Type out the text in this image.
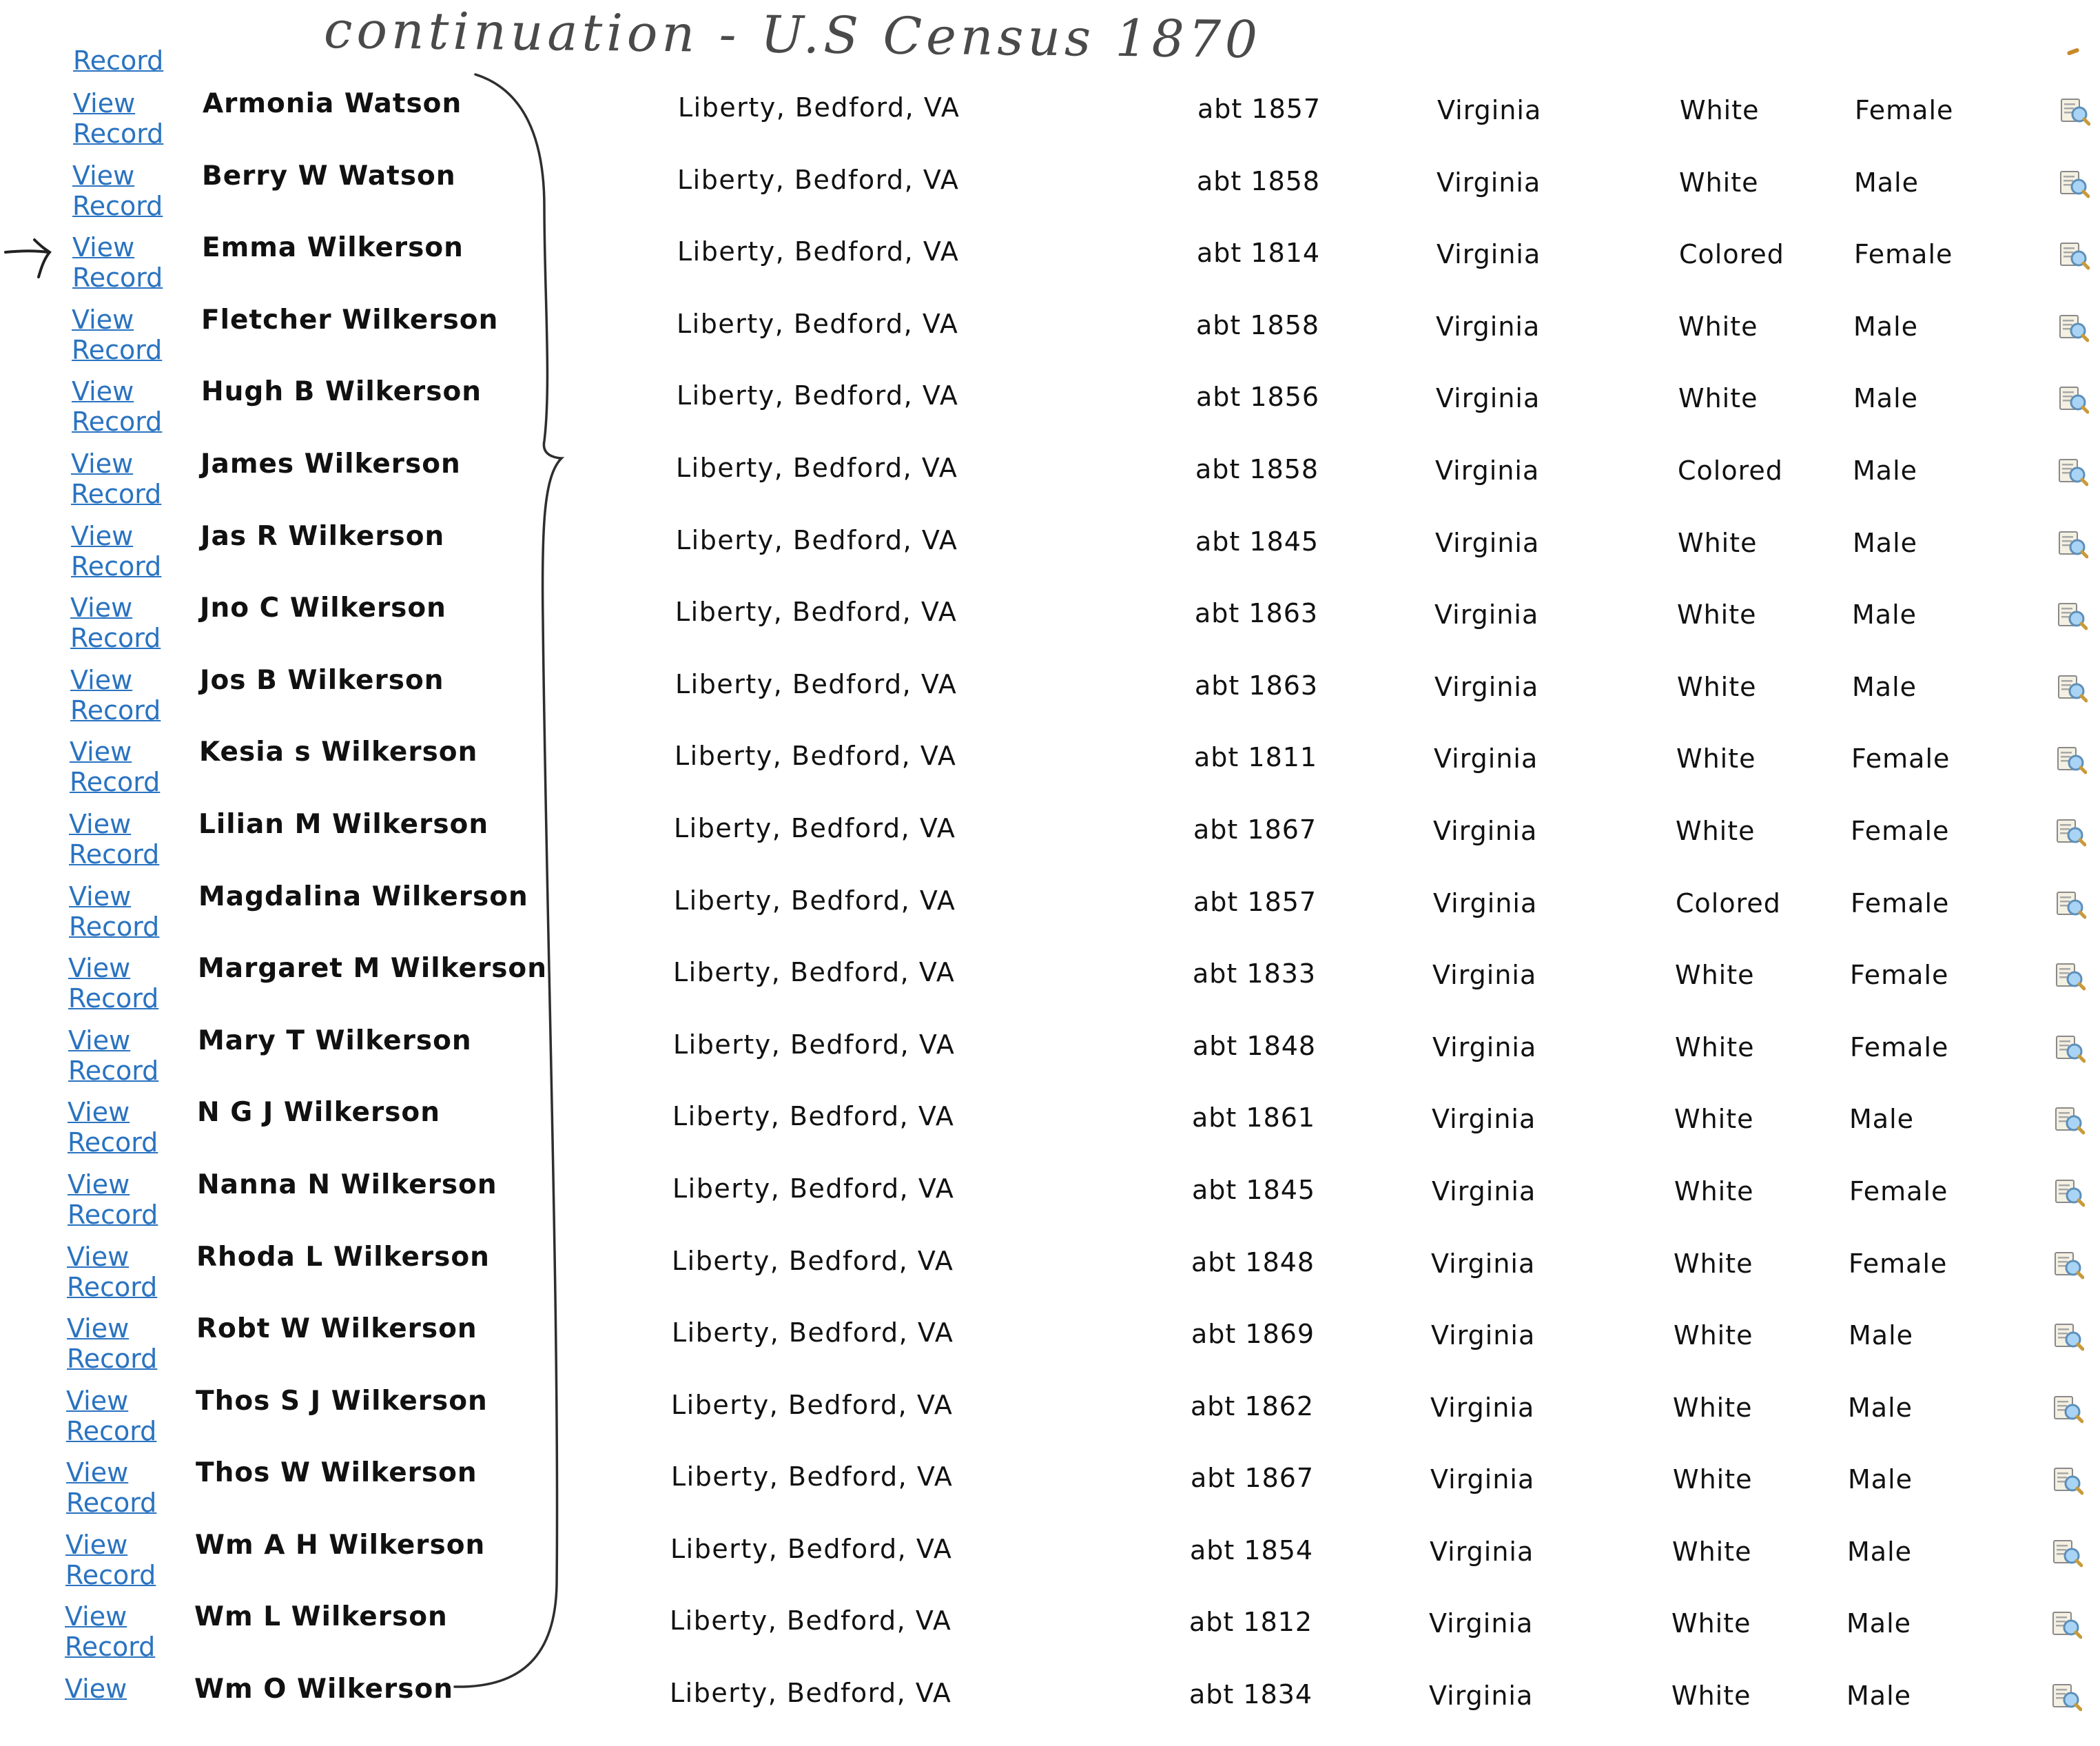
continuation - U.S Census 1870
Record
View
Record
Armonia Watson	Liberty, Bedford, VA	abt 1857	Virginia	White	Female
View
Record
Berry W Watson	Liberty, Bedford, VA	abt 1858	Virginia	White	Male
View
Record
Emma Wilkerson	Liberty, Bedford, VA	abt 1814	Virginia	Colored	Female
View
Record
Fletcher Wilkerson	Liberty, Bedford, VA	abt 1858	Virginia	White	Male
View
Record
Hugh B Wilkerson	Liberty, Bedford, VA	abt 1856	Virginia	White	Male
View
Record
James Wilkerson	Liberty, Bedford, VA	abt 1858	Virginia	Colored	Male
View
Record
Jas R Wilkerson	Liberty, Bedford, VA	abt 1845	Virginia	White	Male
View
Record
Jno C Wilkerson	Liberty, Bedford, VA	abt 1863	Virginia	White	Male
View
Record
Jos B Wilkerson	Liberty, Bedford, VA	abt 1863	Virginia	White	Male
View
Record
Kesia s Wilkerson	Liberty, Bedford, VA	abt 1811	Virginia	White	Female
View
Record
Lilian M Wilkerson	Liberty, Bedford, VA	abt 1867	Virginia	White	Female
View
Record
Magdalina Wilkerson	Liberty, Bedford, VA	abt 1857	Virginia	Colored	Female
View
Record
Margaret M Wilkerson	Liberty, Bedford, VA	abt 1833	Virginia	White	Female
View
Record
Mary T Wilkerson	Liberty, Bedford, VA	abt 1848	Virginia	White	Female
View
Record
N G J Wilkerson	Liberty, Bedford, VA	abt 1861	Virginia	White	Male
View
Record
Nanna N Wilkerson	Liberty, Bedford, VA	abt 1845	Virginia	White	Female
View
Record
Rhoda L Wilkerson	Liberty, Bedford, VA	abt 1848	Virginia	White	Female
View
Record
Robt W Wilkerson	Liberty, Bedford, VA	abt 1869	Virginia	White	Male
View
Record
Thos S J Wilkerson	Liberty, Bedford, VA	abt 1862	Virginia	White	Male
View
Record
Thos W Wilkerson	Liberty, Bedford, VA	abt 1867	Virginia	White	Male
View
Record
Wm A H Wilkerson	Liberty, Bedford, VA	abt 1854	Virginia	White	Male
View
Record
Wm L Wilkerson	Liberty, Bedford, VA	abt 1812	Virginia	White	Male
View	Wm O Wilkerson	Liberty, Bedford, VA	abt 1834	Virginia	White	Male
